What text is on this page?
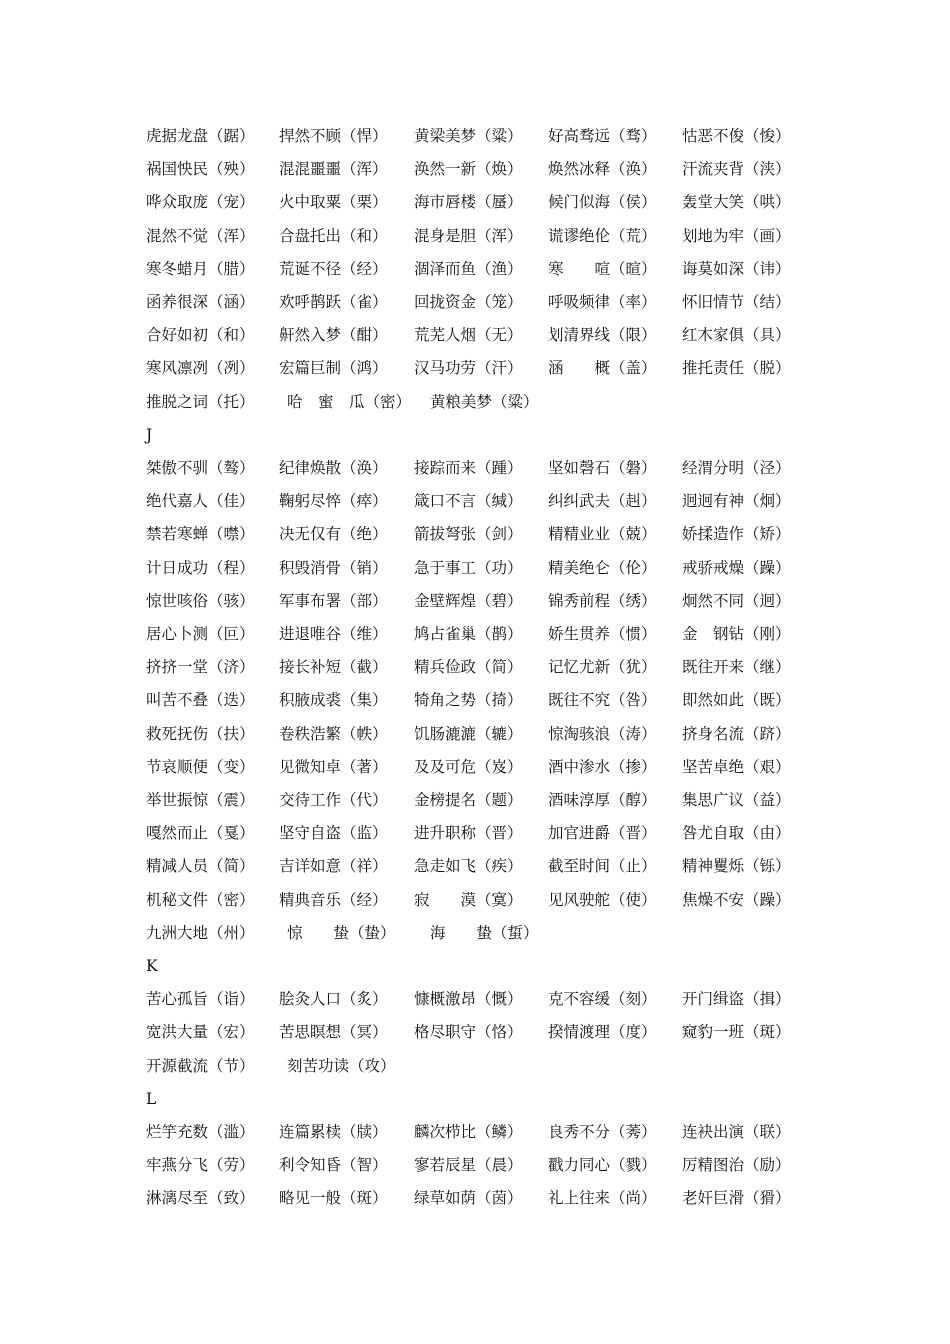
虎据龙盘（踞） 捍然不顾（悍） 黄梁美梦（粱） 好高骛远（骛） 怙恶不俊（悛）
祸国怏民（殃） 混混噩噩（浑） 涣然一新（焕） 焕然冰释（涣） 汗流夹背（浃）
哗众取庞（宠） 火中取粟（栗） 海市唇楼（蜃） 候门似海（侯） 轰堂大笑（哄）
混然不觉（浑） 合盘托出（和） 混身是胆（浑） 谎谬绝伦（荒） 划地为牢（画）
寒冬蜡月（腊） 荒诞不径（经） 涸泽而鱼（渔） 寒　　喧（暄） 诲莫如深（讳）
函养很深（涵） 欢呼鹊跃（雀） 回拢资金（笼） 呼吸频律（率） 怀旧情节（结）
合好如初（和） 鼾然入梦（酣） 荒芜人烟（无） 划清界线（限） 红木家俱（具）
寒风凛冽（冽） 宏篇巨制（鸿） 汉马功劳（汗） 涵　　概（盖） 推托责任（脱）
推脱之词（托） 哈　蜜　瓜（密） 黄粮美梦（粱）
J
桀傲不驯（骜） 纪律焕散（涣） 接踪而来（踵） 坚如磬石（磐） 经渭分明（泾）
绝代嘉人（佳） 鞠躬尽悴（瘁） 箴口不言（缄） 纠纠武夫（赳） 迥迥有神（炯）
禁若寒蝉（噤） 决无仅有（绝） 箭拔弩张（剑） 精精业业（兢） 娇揉造作（矫）
计日成功（程） 积毁消骨（销） 急于事工（功） 精美绝仑（伦） 戒骄戒燥（躁）
惊世咳俗（骇） 军事布署（部） 金壁辉煌（碧） 锦秀前程（绣） 炯然不同（迥）
居心卜测（叵） 进退唯谷（维） 鸠占雀巢（鹊） 娇生贯养（惯） 金　钢钻（刚）
挤挤一堂（济） 接长补短（截） 精兵俭政（简） 记忆尤新（犹） 既往开来（继）
叫苦不叠（迭） 积腋成裘（集） 犄角之势（掎） 既往不究（咎） 即然如此（既）
救死抚伤（扶） 卷秩浩繁（帙） 饥肠漉漉（辘） 惊淘骇浪（涛） 挤身名流（跻）
节哀顺便（变） 见微知卓（著） 及及可危（岌） 酒中渗水（掺） 坚苦卓绝（艰）
举世振惊（震） 交待工作（代） 金榜提名（题） 酒味淳厚（醇） 集思广议（益）
嘎然而止（戛） 坚守自盗（监） 进升职称（晋） 加官进爵（晋） 咎尤自取（由）
精减人员（简） 吉详如意（祥） 急走如飞（疾） 截至时间（止） 精神矍烁（铄）
机秘文件（密） 精典音乐（经） 寂　　漠（寞） 见风驶舵（使） 焦燥不安（躁）
九洲大地（州） 惊　　蛰（蛰） 海　　蛰（蜇）
K
苦心孤旨（诣） 脍灸人口（炙） 慷概激昂（慨） 克不容缓（刻） 开门缉盗（揖）
宽洪大量（宏） 苦思瞑想（冥） 格尽职守（恪） 揆情渡理（度） 窥豹一班（斑）
开源截流（节） 刻苦功读（攻）
L
烂竽充数（滥） 连篇累椟（牍） 麟次栉比（鳞） 良秀不分（莠） 连袂出演（联）
牢燕分飞（劳） 利令知昏（智） 寥若辰星（晨） 戳力同心（戮） 厉精图治（励）
淋漓尽至（致） 略见一般（斑） 绿草如荫（茵） 礼上往来（尚） 老奸巨滑（猾）
